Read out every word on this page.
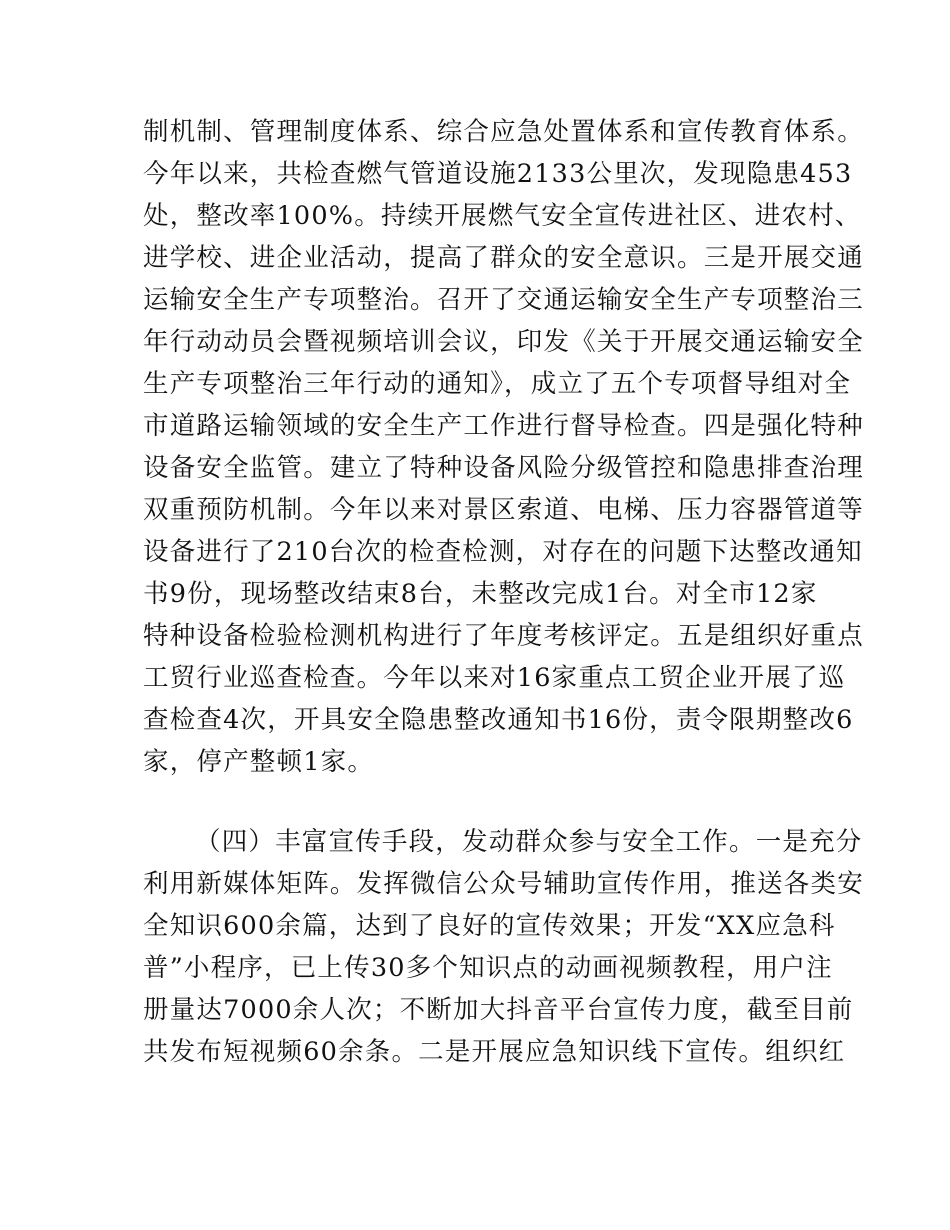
制机制、管理制度体系、综合应急处置体系和宣传教育体系。
今年以来，共检查燃气管道设施2133公里次，发现隐患453
处，整改率100%。持续开展燃气安全宣传进社区、进农村、
进学校、进企业活动，提高了群众的安全意识。三是开展交通
运输安全生产专项整治。召开了交通运输安全生产专项整治三
年行动动员会暨视频培训会议，印发《关于开展交通运输安全
生产专项整治三年行动的通知》，成立了五个专项督导组对全
市道路运输领域的安全生产工作进行督导检查。四是强化特种
设备安全监管。建立了特种设备风险分级管控和隐患排查治理
双重预防机制。今年以来对景区索道、电梯、压力容器管道等
设备进行了210台次的检查检测，对存在的问题下达整改通知
书9份，现场整改结束8台，未整改完成1台。对全市12家
特种设备检验检测机构进行了年度考核评定。五是组织好重点
工贸行业巡查检查。今年以来对16家重点工贸企业开展了巡
查检查4次，开具安全隐患整改通知书16份，责令限期整改6
家，停产整顿1家。
（四）丰富宣传手段，发动群众参与安全工作。一是充分
利用新媒体矩阵。发挥微信公众号辅助宣传作用，推送各类安
全知识600余篇，达到了良好的宣传效果；开发“XX应急科
普”小程序，已上传30多个知识点的动画视频教程，用户注
册量达7000余人次；不断加大抖音平台宣传力度，截至目前
共发布短视频60余条。二是开展应急知识线下宣传。组织红
